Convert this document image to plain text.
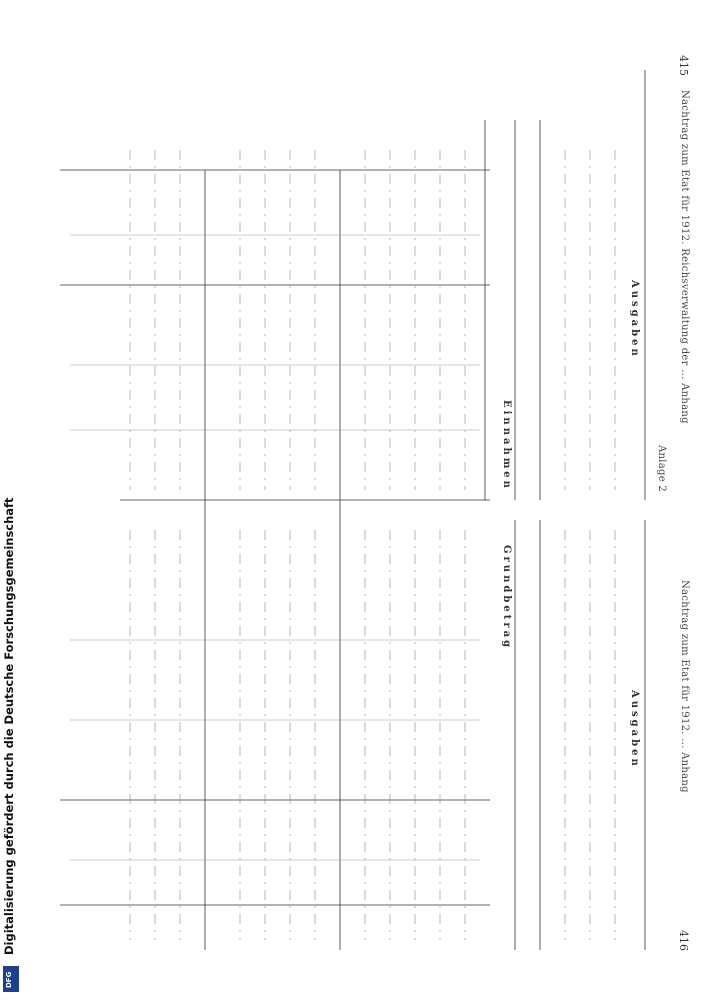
415
Nachtrag zum Etat für 1912. Reichsverwaltung der ... Anhang
Anlage 2
Nachtrag zum Etat für 1912. ... Anhang
416
Ausgaben
Ausgaben
Einnahmen
Grundbetrag
Digitalisierung gefördert durch die Deutsche Forschungsgemeinschaft
DFG
